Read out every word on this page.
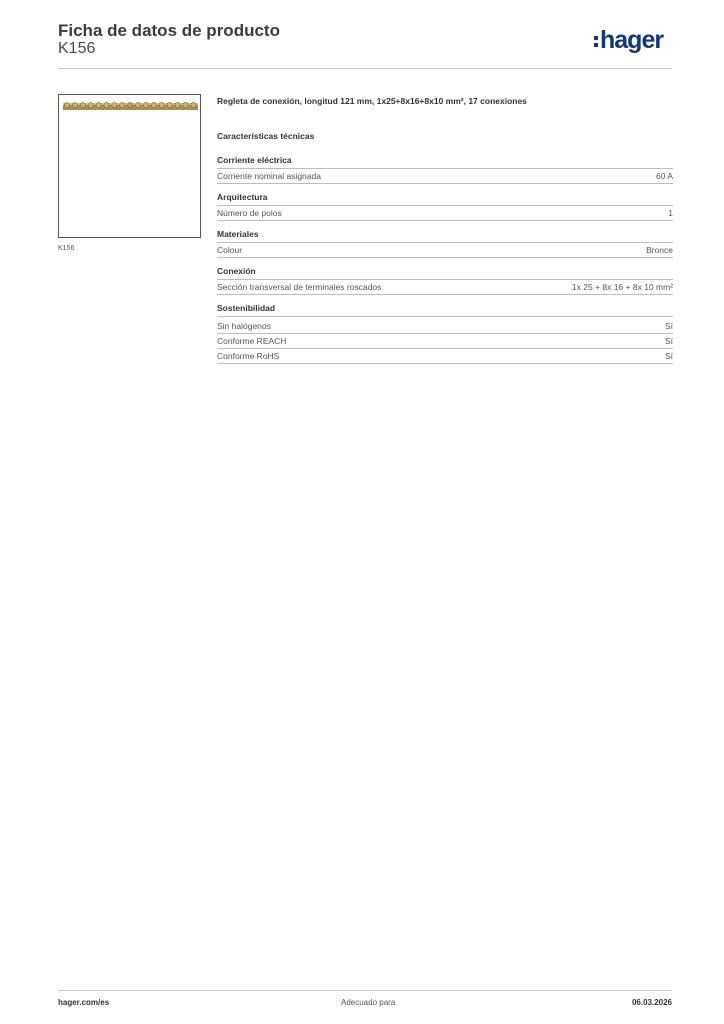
Ficha de datos de producto
K156	hager
K156
Regleta de conexión, longitud 121 mm, 1x25+8x16+8x10 mm², 17 conexiones
Características técnicas
Corriente eléctrica
Corriente nominal asignada	60 A
Arquitectura
Número de polos	1
Materiales
Colour	Bronce
Conexión
Sección transversal de terminales roscados	1x 25 + 8x 16 + 8x 10 mm²
Sostenibilidad
Sin halógenos	Sí
Conforme REACH	Sí
Conforme RoHS	Sí
hager.com/es	Adecuado para	06.03.2026
